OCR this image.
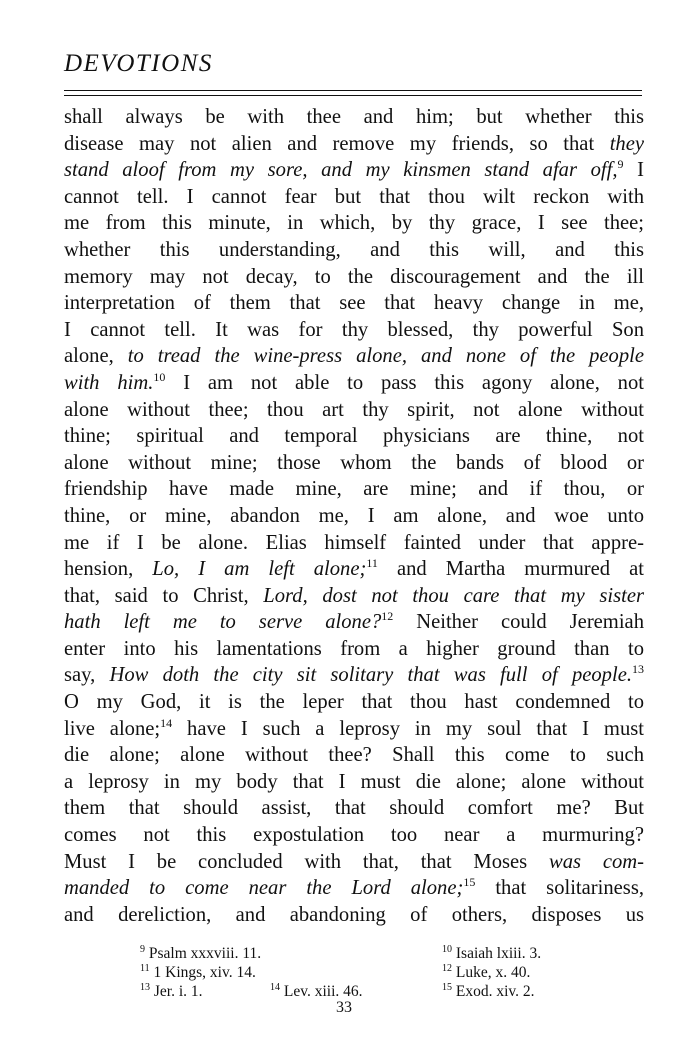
DEVOTIONS

shall always be with thee and him; but whether this
disease may not alien and remove my friends, so that they
stand aloof from my sore, and my kinsmen stand afar off,$^9$ I
cannot tell. I cannot fear but that thou wilt reckon with
me from this minute, in which, by thy grace, I see thee;
whether this understanding, and this will, and this
memory may not decay, to the discouragement and the ill
interpretation of them that see that heavy change in me,
I cannot tell. It was for thy blessed, thy powerful Son
alone, to tread the wine-press alone, and none of the people
with him.$^{10}$ I am not able to pass this agony alone, not
alone without thee; thou art thy spirit, not alone without
thine; spiritual and temporal physicians are thine, not
alone without mine; those whom the bands of blood or
friendship have made mine, are mine; and if thou, or
thine, or mine, abandon me, I am alone, and woe unto
me if I be alone. Elias himself fainted under that appre-
hension, Lo, I am left alone;$^{11}$ and Martha murmured at
that, said to Christ, Lord, dost not thou care that my sister
hath left me to serve alone?$^{12}$ Neither could Jeremiah
enter into his lamentations from a higher ground than to
say, How doth the city sit solitary that was full of people.$^{13}$
O my God, it is the leper that thou hast condemned to
live alone;$^{14}$ have I such a leprosy in my soul that I must
die alone; alone without thee? Shall this come to such
a leprosy in my body that I must die alone; alone without
them that should assist, that should comfort me? But
comes not this expostulation too near a murmuring?
Must I be concluded with that, that Moses was com-
manded to come near the Lord alone;$^{15}$ that solitariness,
and dereliction, and abandoning of others, disposes us

$^9$ Psalm xxxviii. 11.	$^{10}$ Isaiah lxiii. 3.
$^{11}$ 1 Kings, xiv. 14.	$^{12}$ Luke, x. 40.
$^{13}$ Jer. i. 1.	$^{14}$ Lev. xiii. 46.	$^{15}$ Exod. xiv. 2.
33
